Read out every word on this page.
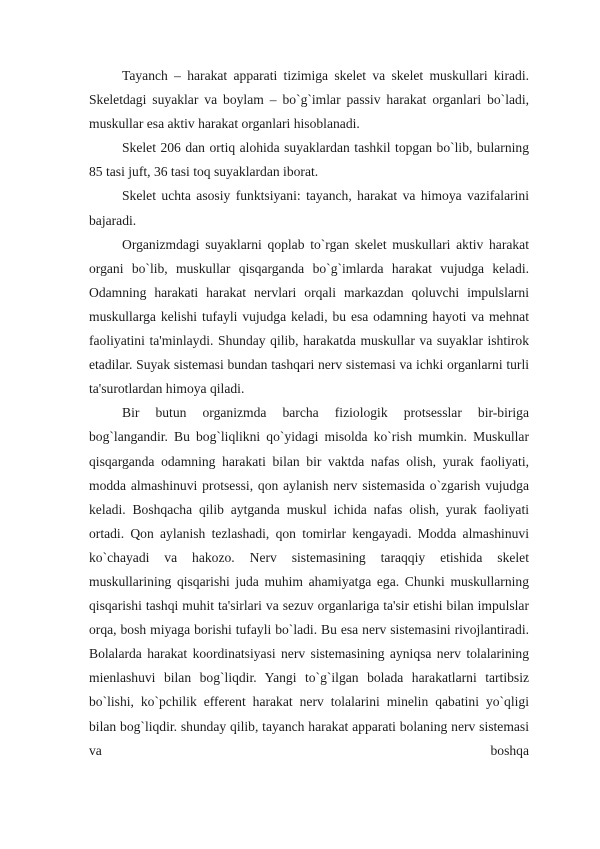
Tayanch – harakat apparati tizimiga skelet va skelet muskullari kiradi. Skeletdagi suyaklar va boylam – bo`g`imlar passiv harakat organlari bo`ladi, muskullar esa aktiv harakat organlari hisoblanadi.

Skelet 206 dan ortiq alohida suyaklardan tashkil topgan bo`lib, bularning 85 tasi juft, 36 tasi toq suyaklardan iborat.

Skelet uchta asosiy funktsiyani: tayanch, harakat va himoya vazifalarini bajaradi.

Organizmdagi suyaklarni qoplab to`rgan skelet muskullari aktiv harakat organi bo`lib, muskullar qisqarganda bo`g`imlarda harakat vujudga keladi. Odamning harakati harakat nervlari orqali markazdan qoluvchi impulslarni muskullarga kelishi tufayli vujudga keladi, bu esa odamning hayoti va mehnat faoliyatini ta'minlaydi. Shunday qilib, harakatda muskullar va suyaklar ishtirok etadilar. Suyak sistemasi bundan tashqari nerv sistemasi va ichki organlarni turli ta'surotlardan himoya qiladi.

Bir butun organizmda barcha fiziologik protsesslar bir-biriga bog`langandir. Bu bog`liqlikni qo`yidagi misolda ko`rish mumkin. Muskullar qisqarganda odamning harakati bilan bir vaktda nafas olish, yurak faoliyati, modda almashinuvi protsessi, qon aylanish nerv sistemasida o`zgarish vujudga keladi. Boshqacha qilib aytganda muskul ichida nafas olish, yurak faoliyati ortadi. Qon aylanish tezlashadi, qon tomirlar kengayadi. Modda almashinuvi ko`chayadi va hakozo. Nerv sistemasining taraqqiy etishida skelet muskullarining qisqarishi juda muhim ahamiyatga ega. Chunki muskullarning qisqarishi tashqi muhit ta'sirlari va sezuv organlariga ta'sir etishi bilan impulslar orqa, bosh miyaga borishi tufayli bo`ladi. Bu esa nerv sistemasini rivojlantiradi. Bolalarda harakat koordinatsiyasi nerv sistemasining ayniqsa nerv tolalarining mienlashuvi bilan bog`liqdir. Yangi to`g`ilgan bolada harakatlarni tartibsiz bo`lishi, ko`pchilik efferent harakat nerv tolalarini minelin qabatini yo`qligi bilan bog`liqdir. shunday qilib, tayanch harakat apparati bolaning nerv sistemasi va boshqa
